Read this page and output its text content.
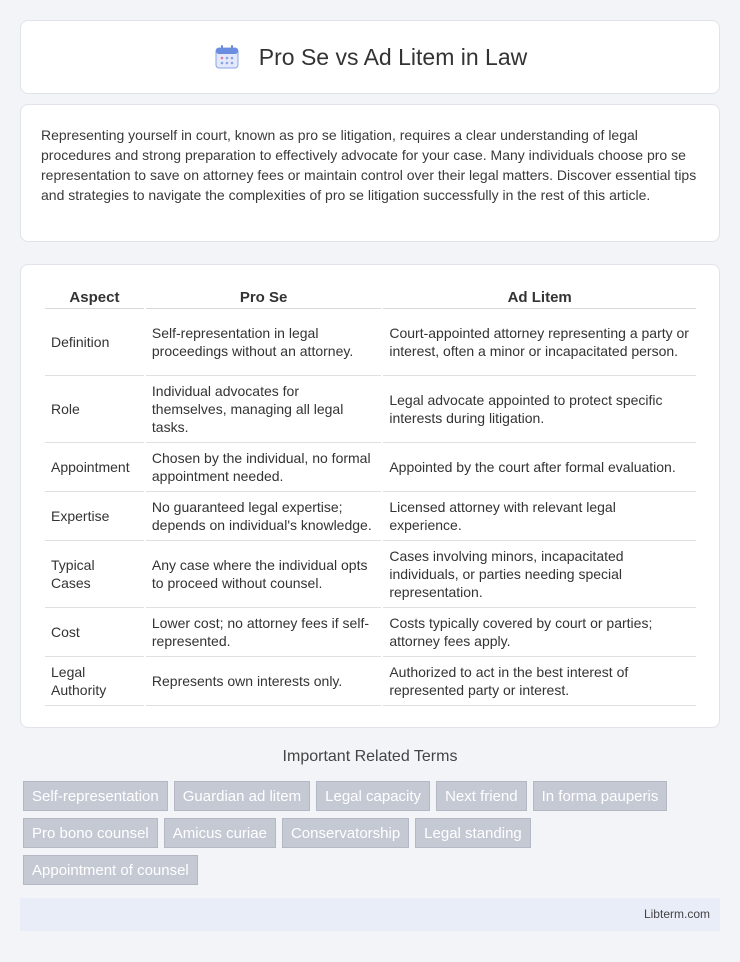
Pro Se vs Ad Litem in Law

Representing yourself in court, known as pro se litigation, requires a clear understanding of legal procedures and strong preparation to effectively advocate for your case. Many individuals choose pro se representation to save on attorney fees or maintain control over their legal matters. Discover essential tips and strategies to navigate the complexities of pro se litigation successfully in the rest of this article.

Aspect	Pro Se	Ad Litem
Definition	Self-representation in legal proceedings without an attorney.	Court-appointed attorney representing a party or interest, often a minor or incapacitated person.
Role	Individual advocates for themselves, managing all legal tasks.	Legal advocate appointed to protect specific interests during litigation.
Appointment	Chosen by the individual, no formal appointment needed.	Appointed by the court after formal evaluation.
Expertise	No guaranteed legal expertise; depends on individual's knowledge.	Licensed attorney with relevant legal experience.
Typical Cases	Any case where the individual opts to proceed without counsel.	Cases involving minors, incapacitated individuals, or parties needing special representation.
Cost	Lower cost; no attorney fees if self-represented.	Costs typically covered by court or parties; attorney fees apply.
Legal Authority	Represents own interests only.	Authorized to act in the best interest of represented party or interest.
Important Related Terms
Self-representation	Guardian ad litem	Legal capacity	Next friend	In forma pauperis
Pro bono counsel	Amicus curiae	Conservatorship	Legal standing
Appointment of counsel
Libterm.com
